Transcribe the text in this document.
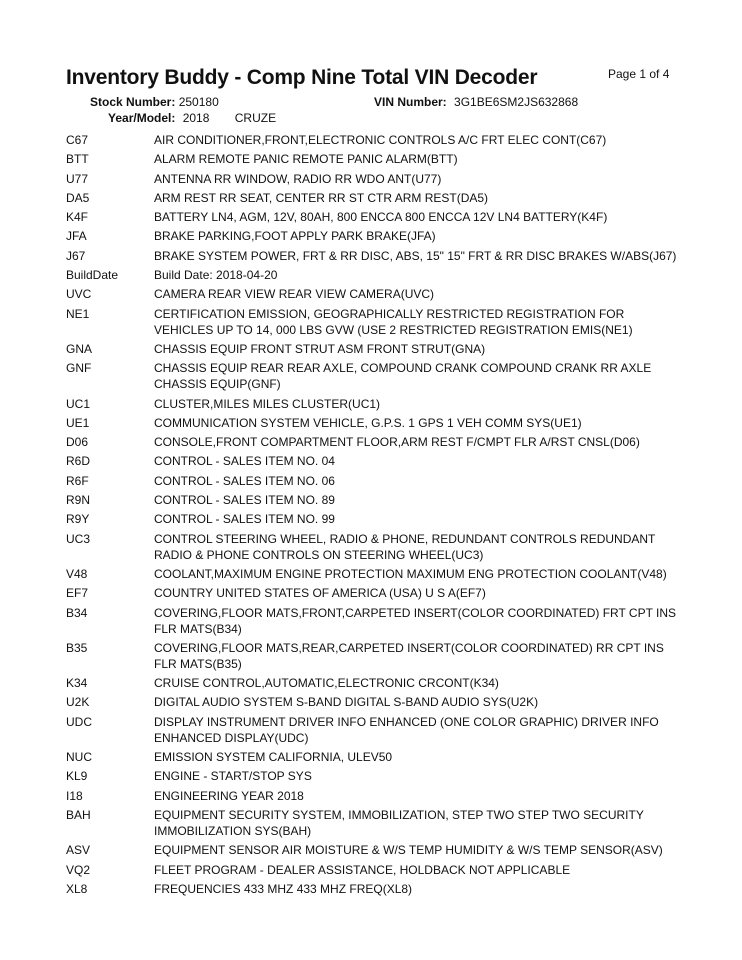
Inventory Buddy - Comp Nine Total VIN Decoder	Page 1 of 4
Stock Number: 250180	VIN Number: 3G1BE6SM2JS632868
Year/Model: 2018 CRUZE
C67	AIR CONDITIONER,FRONT,ELECTRONIC CONTROLS A/C FRT ELEC CONT(C67)
BTT	ALARM REMOTE PANIC REMOTE PANIC ALARM(BTT)
U77	ANTENNA RR WINDOW, RADIO RR WDO ANT(U77)
DA5	ARM REST RR SEAT, CENTER RR ST CTR ARM REST(DA5)
K4F	BATTERY LN4, AGM, 12V, 80AH, 800 ENCCA 800 ENCCA 12V LN4 BATTERY(K4F)
JFA	BRAKE PARKING,FOOT APPLY PARK BRAKE(JFA)
J67	BRAKE SYSTEM POWER, FRT & RR DISC, ABS, 15" 15" FRT & RR DISC BRAKES W/ABS(J67)
BuildDate	Build Date: 2018-04-20
UVC	CAMERA REAR VIEW REAR VIEW CAMERA(UVC)
NE1	CERTIFICATION EMISSION, GEOGRAPHICALLY RESTRICTED REGISTRATION FOR VEHICLES UP TO 14, 000 LBS GVW (USE 2 RESTRICTED REGISTRATION EMIS(NE1)
GNA	CHASSIS EQUIP FRONT STRUT ASM FRONT STRUT(GNA)
GNF	CHASSIS EQUIP REAR REAR AXLE, COMPOUND CRANK COMPOUND CRANK RR AXLE CHASSIS EQUIP(GNF)
UC1	CLUSTER,MILES MILES CLUSTER(UC1)
UE1	COMMUNICATION SYSTEM VEHICLE, G.P.S. 1 GPS 1 VEH COMM SYS(UE1)
D06	CONSOLE,FRONT COMPARTMENT FLOOR,ARM REST F/CMPT FLR A/RST CNSL(D06)
R6D	CONTROL - SALES ITEM NO. 04
R6F	CONTROL - SALES ITEM NO. 06
R9N	CONTROL - SALES ITEM NO. 89
R9Y	CONTROL - SALES ITEM NO. 99
UC3	CONTROL STEERING WHEEL, RADIO & PHONE, REDUNDANT CONTROLS REDUNDANT RADIO & PHONE CONTROLS ON STEERING WHEEL(UC3)
V48	COOLANT,MAXIMUM ENGINE PROTECTION MAXIMUM ENG PROTECTION COOLANT(V48)
EF7	COUNTRY UNITED STATES OF AMERICA (USA) U S A(EF7)
B34	COVERING,FLOOR MATS,FRONT,CARPETED INSERT(COLOR COORDINATED) FRT CPT INS FLR MATS(B34)
B35	COVERING,FLOOR MATS,REAR,CARPETED INSERT(COLOR COORDINATED) RR CPT INS FLR MATS(B35)
K34	CRUISE CONTROL,AUTOMATIC,ELECTRONIC CRCONT(K34)
U2K	DIGITAL AUDIO SYSTEM S-BAND DIGITAL S-BAND AUDIO SYS(U2K)
UDC	DISPLAY INSTRUMENT DRIVER INFO ENHANCED (ONE COLOR GRAPHIC) DRIVER INFO ENHANCED DISPLAY(UDC)
NUC	EMISSION SYSTEM CALIFORNIA, ULEV50
KL9	ENGINE - START/STOP SYS
I18	ENGINEERING YEAR 2018
BAH	EQUIPMENT SECURITY SYSTEM, IMMOBILIZATION, STEP TWO STEP TWO SECURITY IMMOBILIZATION SYS(BAH)
ASV	EQUIPMENT SENSOR AIR MOISTURE & W/S TEMP HUMIDITY & W/S TEMP SENSOR(ASV)
VQ2	FLEET PROGRAM - DEALER ASSISTANCE, HOLDBACK NOT APPLICABLE
XL8	FREQUENCIES 433 MHZ 433 MHZ FREQ(XL8)
